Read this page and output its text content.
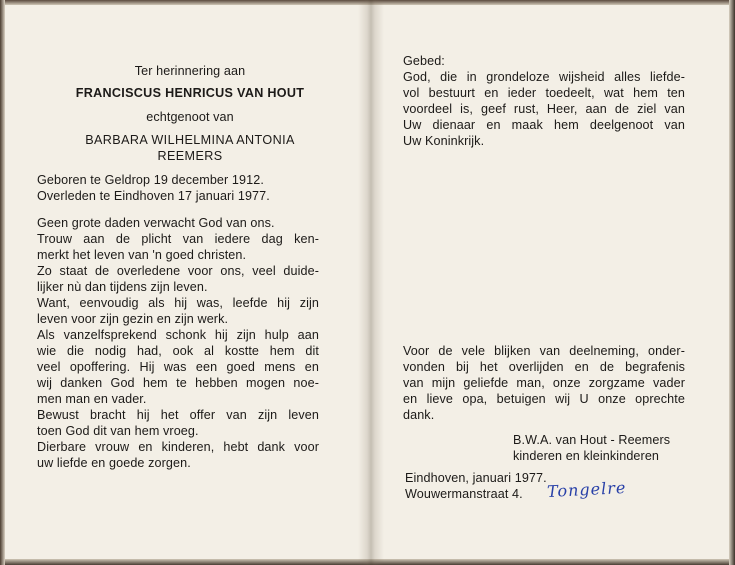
Ter herinnering aan
FRANCISCUS HENRICUS VAN HOUT
echtgenoot van
BARBARA WILHELMINA ANTONIA
REEMERS
Geboren te Geldrop 19 december 1912.
Overleden te Eindhoven 17 januari 1977.
Geen grote daden verwacht God van ons.
Trouw aan de plicht van iedere dag ken-
merkt het leven van 'n goed christen.
Zo staat de overledene voor ons, veel duide-
lijker nù dan tijdens zijn leven.
Want, eenvoudig als hij was, leefde hij zijn
leven voor zijn gezin en zijn werk.
Als vanzelfsprekend schonk hij zijn hulp aan
wie die nodig had, ook al kostte hem dit
veel opoffering. Hij was een goed mens en
wij danken God hem te hebben mogen noe-
men man en vader.
Bewust bracht hij het offer van zijn leven
toen God dit van hem vroeg.
Dierbare vrouw en kinderen, hebt dank voor
uw liefde en goede zorgen.
Gebed:
God, die in grondeloze wijsheid alles liefde-
vol bestuurt en ieder toedeelt, wat hem ten
voordeel is, geef rust, Heer, aan de ziel van
Uw dienaar en maak hem deelgenoot van
Uw Koninkrijk.
Voor de vele blijken van deelneming, onder-
vonden bij het overlijden en de begrafenis
van mijn geliefde man, onze zorgzame vader
en lieve opa, betuigen wij U onze oprechte
dank.
B.W.A. van Hout - Reemers
kinderen en kleinkinderen
Eindhoven, januari 1977.
Wouwermanstraat 4. Tongelre
